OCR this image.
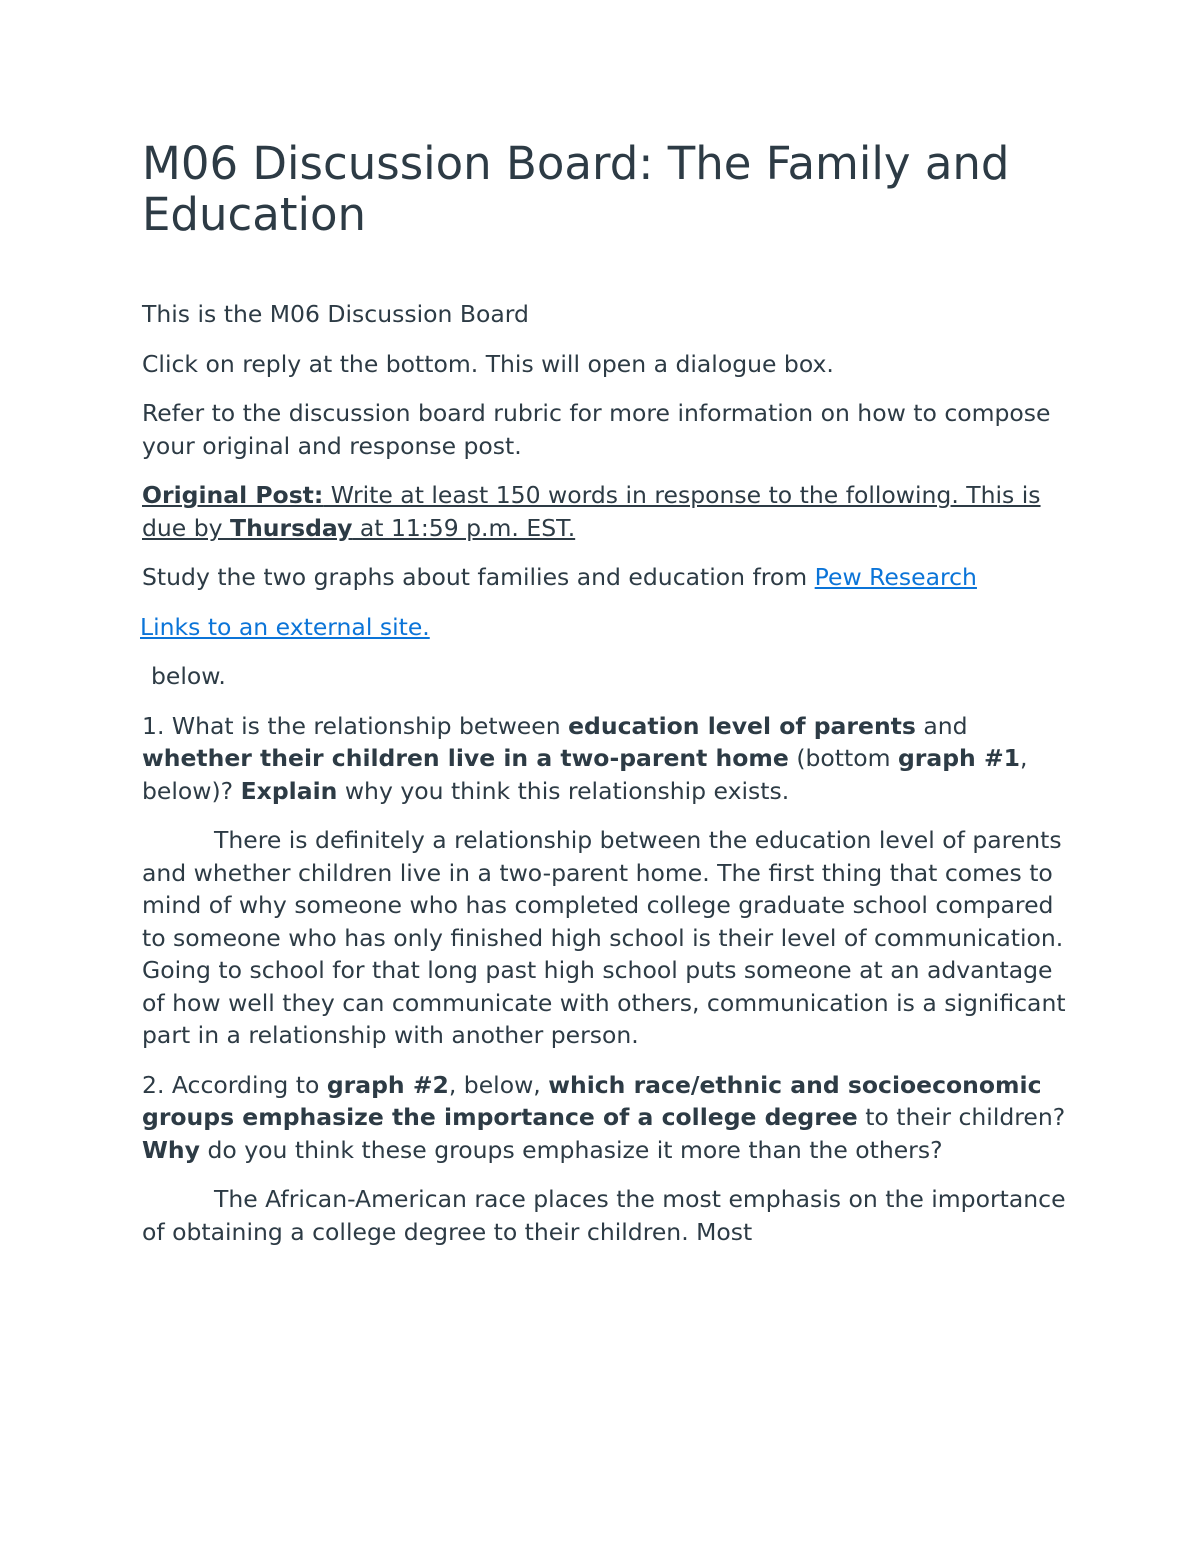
M06 Discussion Board: The Family and Education

This is the M06 Discussion Board

Click on reply at the bottom. This will open a dialogue box.

Refer to the discussion board rubric for more information on how to compose your original and response post.

Original Post: Write at least 150 words in response to the following. This is due by Thursday at 11:59 p.m. EST.

Study the two graphs about families and education from Pew Research

Links to an external site.

below.

1. What is the relationship between education level of parents and whether their children live in a two-parent home (bottom graph #1, below)? Explain why you think this relationship exists.

There is definitely a relationship between the education level of parents and whether children live in a two-parent home. The first thing that comes to mind of why someone who has completed college graduate school compared to someone who has only finished high school is their level of communication. Going to school for that long past high school puts someone at an advantage of how well they can communicate with others, communication is a significant part in a relationship with another person.

2. According to graph #2, below, which race/ethnic and socioeconomic groups emphasize the importance of a college degree to their children? Why do you think these groups emphasize it more than the others?

The African-American race places the most emphasis on the importance of obtaining a college degree to their children. Most
